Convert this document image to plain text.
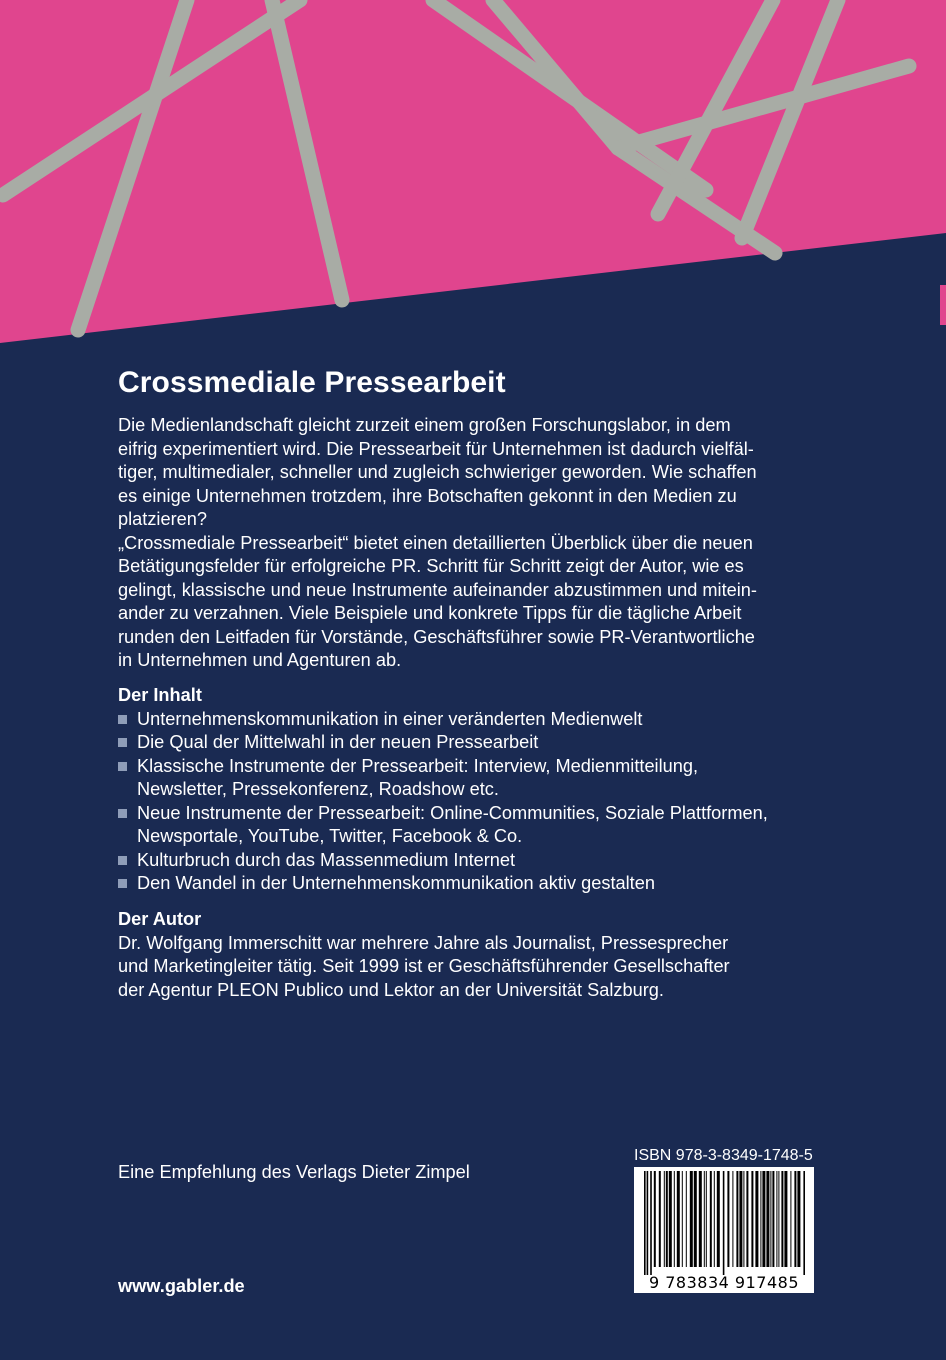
Crossmediale Pressearbeit

Die Medienlandschaft gleicht zurzeit einem großen Forschungslabor, in dem

eifrig experimentiert wird. Die Pressearbeit für Unternehmen ist dadurch vielfäl-

tiger, multimedialer, schneller und zugleich schwieriger geworden. Wie schaffen

es einige Unternehmen trotzdem, ihre Botschaften gekonnt in den Medien zu

platzieren?

„Crossmediale Pressearbeit“ bietet einen detaillierten Überblick über die neuen

Betätigungsfelder für erfolgreiche PR. Schritt für Schritt zeigt der Autor, wie es

gelingt, klassische und neue Instrumente aufeinander abzustimmen und mitein-

ander zu verzahnen. Viele Beispiele und konkrete Tipps für die tägliche Arbeit

runden den Leitfaden für Vorstände, Geschäftsführer sowie PR-Verantwortliche

in Unternehmen und Agenturen ab.

Der Inhalt
Unternehmenskommunikation in einer veränderten Medienwelt
Die Qual der Mittelwahl in der neuen Pressearbeit
Klassische Instrumente der Pressearbeit: Interview, Medienmitteilung,
Newsletter, Pressekonferenz, Roadshow etc.
Neue Instrumente der Pressearbeit: Online-Communities, Soziale Plattformen,
Newsportale, YouTube, Twitter, Facebook & Co.
Kulturbruch durch das Massenmedium Internet
Den Wandel in der Unternehmenskommunikation aktiv gestalten
Der Autor

Dr. Wolfgang Immerschitt war mehrere Jahre als Journalist, Pressesprecher

und Marketingleiter tätig. Seit 1999 ist er Geschäftsführender Gesellschafter

der Agentur PLEON Publico und Lektor an der Universität Salzburg.

Eine Empfehlung des Verlags Dieter Zimpel
www.gabler.de
ISBN 978-3-8349-1748-5
9 783834 917485
